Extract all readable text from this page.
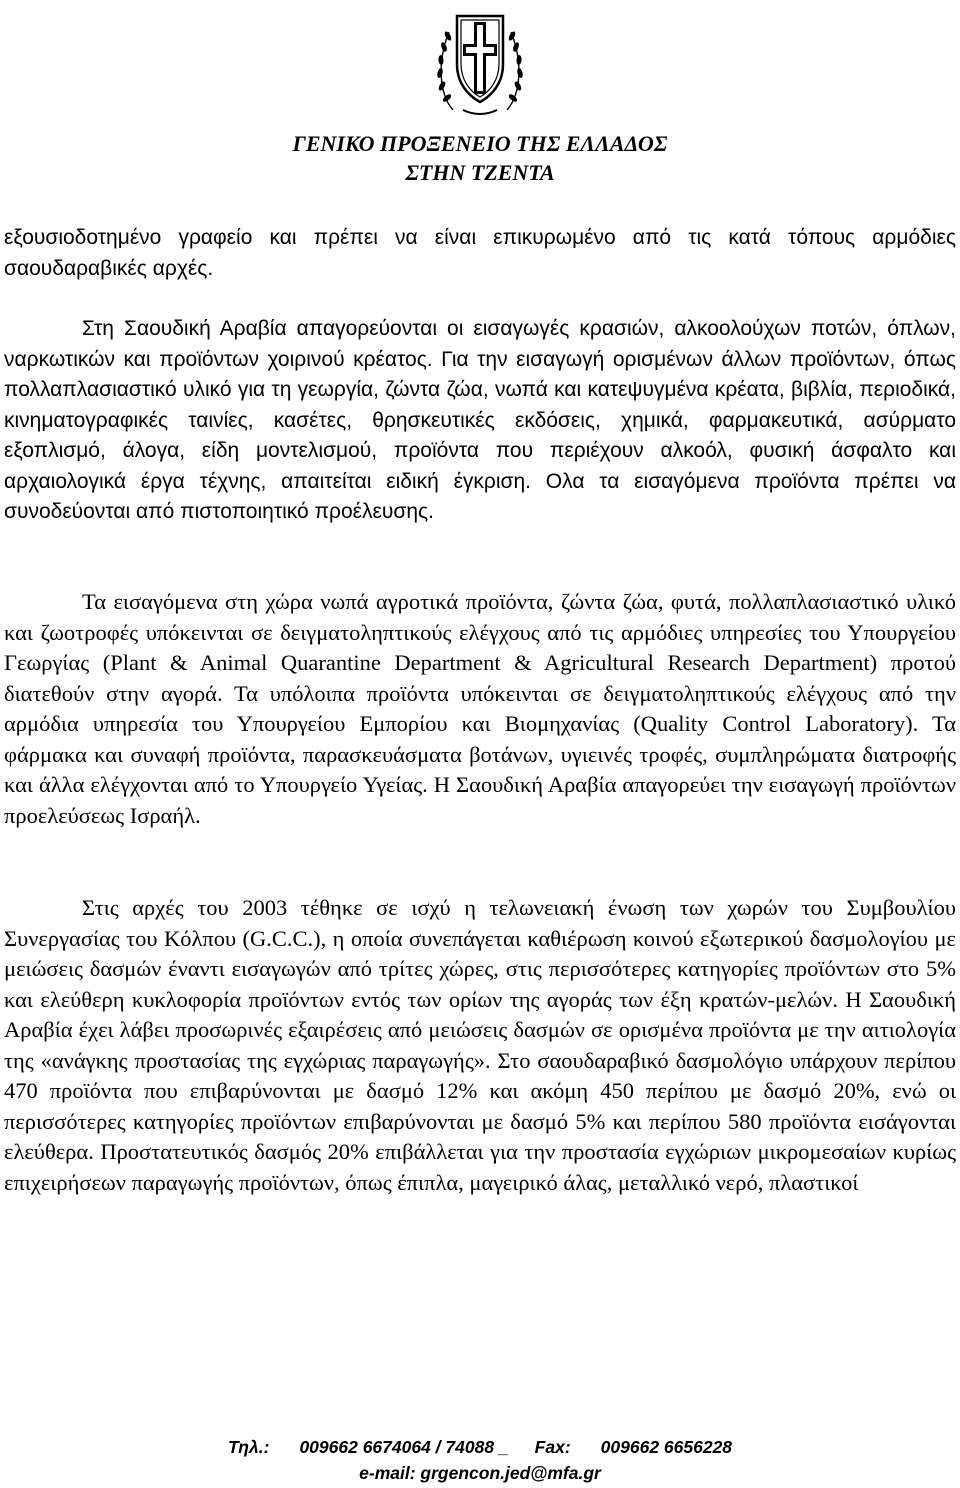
ΓΕΝΙΚΟ ΠΡΟΞΕΝΕΙΟ ΤΗΣ ΕΛΛΑΔΟΣ
ΣΤΗΝ ΤΖΕΝΤΑ
εξουσιοδοτημένο γραφείο και πρέπει να είναι επικυρωμένο από τις κατά τόπους αρμόδιες σαουδαραβικές αρχές.
Στη Σαουδική Αραβία απαγορεύονται οι εισαγωγές κρασιών, αλκοολούχων ποτών, όπλων, ναρκωτικών και προϊόντων χοιρινού κρέατος. Για την εισαγωγή ορισμένων άλλων προϊόντων, όπως πολλαπλασιαστικό υλικό για τη γεωργία, ζώντα ζώα, νωπά και κατεψυγμένα κρέατα, βιβλία, περιοδικά, κινηματογραφικές ταινίες, κασέτες, θρησκευτικές εκδόσεις, χημικά, φαρμακευτικά, ασύρματο εξοπλισμό, άλογα, είδη μοντελισμού, προϊόντα που περιέχουν αλκοόλ, φυσική άσφαλτο και αρχαιολογικά έργα τέχνης, απαιτείται ειδική έγκριση. Ολα τα εισαγόμενα προϊόντα πρέπει να συνοδεύονται από πιστοποιητικό προέλευσης.
Τα εισαγόμενα στη χώρα νωπά αγροτικά προϊόντα, ζώντα ζώα, φυτά, πολλαπλασιαστικό υλικό και ζωοτροφές υπόκεινται σε δειγματοληπτικούς ελέγχους από τις αρμόδιες υπηρεσίες του Υπουργείου Γεωργίας (Plant & Animal Quarantine Department & Agricultural Research Department) προτού διατεθούν στην αγορά. Τα υπόλοιπα προϊόντα υπόκεινται σε δειγματοληπτικούς ελέγχους από την αρμόδια υπηρεσία του Υπουργείου Εμπορίου και Βιομηχανίας (Quality Control Laboratory). Τα φάρμακα και συναφή προϊόντα, παρασκευάσματα βοτάνων, υγιεινές τροφές, συμπληρώματα διατροφής και άλλα ελέγχονται από το Υπουργείο Υγείας. Η Σαουδική Αραβία απαγορεύει την εισαγωγή προϊόντων προελεύσεως Ισραήλ.
Στις αρχές του 2003 τέθηκε σε ισχύ η τελωνειακή ένωση των χωρών του Συμβουλίου Συνεργασίας του Κόλπου (G.C.C.), η οποία συνεπάγεται καθιέρωση κοινού εξωτερικού δασμολογίου με μειώσεις δασμών έναντι εισαγωγών από τρίτες χώρες, στις περισσότερες κατηγορίες προϊόντων στο 5% και ελεύθερη κυκλοφορία προϊόντων εντός των ορίων της αγοράς των έξη κρατών-μελών. Η Σαουδική Αραβία έχει λάβει προσωρινές εξαιρέσεις από μειώσεις δασμών σε ορισμένα προϊόντα με την αιτιολογία της «ανάγκης προστασίας της εγχώριας παραγωγής». Στο σαουδαραβικό δασμολόγιο υπάρχουν περίπου 470 προϊόντα που επιβαρύνονται με δασμό 12% και ακόμη 450 περίπου με δασμό 20%, ενώ οι περισσότερες κατηγορίες προϊόντων επιβαρύνονται με δασμό 5% και περίπου 580 προϊόντα εισάγονται ελεύθερα. Προστατευτικός δασμός 20% επιβάλλεται για την προστασία εγχώριων μικρομεσαίων κυρίως επιχειρήσεων παραγωγής προϊόντων, όπως έπιπλα, μαγειρικό άλας, μεταλλικό νερό, πλαστικοί
Τηλ.: 009662 6674064 / 74088 _ Fax: 009662 6656228
e-mail: grgencon.jed@mfa.gr
